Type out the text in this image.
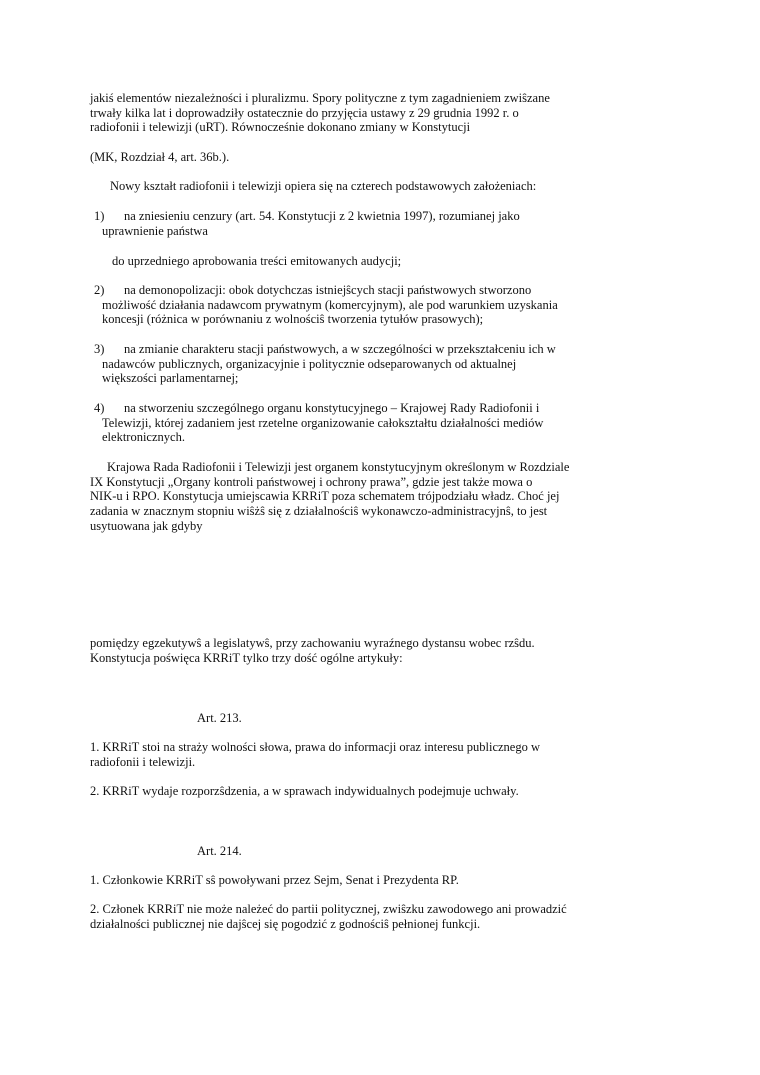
jakiś elementów niezależności i pluralizmu. Spory polityczne z tym zagadnieniem zwiŝzane
trwały kilka lat i doprowadziły ostatecznie do przyjęcia ustawy z 29 grudnia 1992 r. o
radiofonii i telewizji (uRT). Równocześnie dokonano zmiany w Konstytucji

(MK, Rozdział 4, art. 36b.).

Nowy kształt radiofonii i telewizji opiera się na czterech podstawowych założeniach:

1) na zniesieniu cenzury (art. 54. Konstytucji z 2 kwietnia 1997), rozumianej jako
uprawnienie państwa
do uprzedniego aprobowania treści emitowanych audycji;
2) na demonopolizacji: obok dotychczas istniejŝcych stacji państwowych stworzono
możliwość działania nadawcom prywatnym (komercyjnym), ale pod warunkiem uzyskania
koncesji (różnica w porównaniu z wolnościŝ tworzenia tytułów prasowych);
3) na zmianie charakteru stacji państwowych, a w szczególności w przekształceniu ich w
nadawców publicznych, organizacyjnie i politycznie odseparowanych od aktualnej
większości parlamentarnej;
4) na stworzeniu szczególnego organu konstytucyjnego – Krajowej Rady Radiofonii i
Telewizji, której zadaniem jest rzetelne organizowanie całokształtu działalności mediów
elektronicznych.

Krajowa Rada Radiofonii i Telewizji jest organem konstytucyjnym określonym w Rozdziale
IX Konstytucji „Organy kontroli państwowej i ochrony prawa”, gdzie jest także mowa o
NIK-u i RPO. Konstytucja umiejscawia KRRiT poza schematem trójpodziału władz. Choć jej
zadania w znacznym stopniu wiŝżŝ się z działalnościŝ wykonawczo-administracyjnŝ, to jest
usytuowana jak gdyby

pomiędzy egzekutywŝ a legislatywŝ, przy zachowaniu wyraźnego dystansu wobec rzŝdu.
Konstytucja poświęca KRRiT tylko trzy dość ogólne artykuły:

Art. 213.

1. KRRiT stoi na straży wolności słowa, prawa do informacji oraz interesu publicznego w
radiofonii i telewizji.

2. KRRiT wydaje rozporzŝdzenia, a w sprawach indywidualnych podejmuje uchwały.

Art. 214.

1. Członkowie KRRiT sŝ powoływani przez Sejm, Senat i Prezydenta RP.

2. Członek KRRiT nie może należeć do partii politycznej, zwiŝzku zawodowego ani prowadzić
działalności publicznej nie dajŝcej się pogodzić z godnościŝ pełnionej funkcji.
